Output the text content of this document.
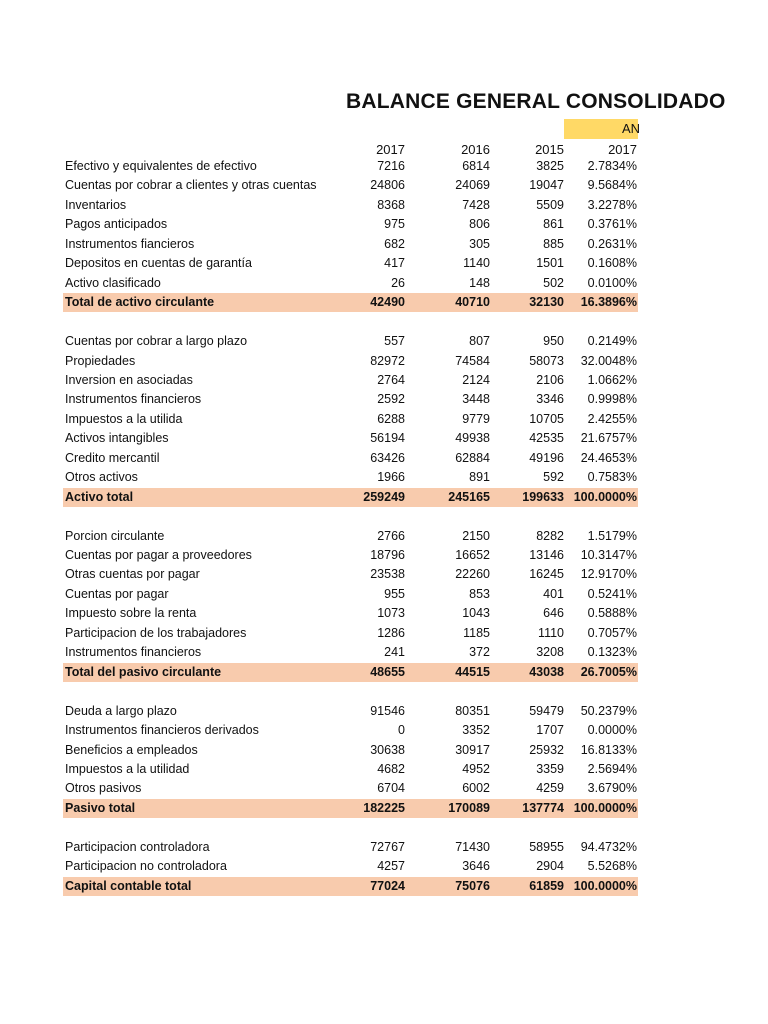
BALANCE GENERAL CONSOLIDADO
AN
2017	2016	2015	2017
Efectivo y equivalentes de efectivo	7216	6814	3825 2.7834%
Cuentas por cobrar a clientes y otras cuentas	24806	24069	19047 9.5684%
Inventarios	8368	7428	5509 3.2278%
Pagos anticipados	975	806	861 0.3761%
Instrumentos fiancieros	682	305	885 0.2631%
Depositos en cuentas de garantía	417	1140	1501 0.1608%
Activo clasificado	26	148	502 0.0100%
Total de activo circulante	42490	40710	32130 16.3896%
Cuentas por cobrar a largo plazo	557	807	950 0.2149%
Propiedades	82972	74584	58073 32.0048%
Inversion en asociadas	2764	2124	2106 1.0662%
Instrumentos financieros	2592	3448	3346 0.9998%
Impuestos a la utilida	6288	9779	10705 2.4255%
Activos intangibles	56194	49938	42535 21.6757%
Credito mercantil	63426	62884	49196 24.4653%
Otros activos	1966	891	592 0.7583%
Activo total	259249	245165	199633 100.0000%
Porcion circulante	2766	2150	8282 1.5179%
Cuentas por pagar a proveedores	18796	16652	13146 10.3147%
Otras cuentas por pagar	23538	22260	16245 12.9170%
Cuentas por pagar	955	853	401 0.5241%
Impuesto sobre la renta	1073	1043	646 0.5888%
Participacion de los trabajadores	1286	1185	1110 0.7057%
Instrumentos financieros	241	372	3208 0.1323%
Total del pasivo circulante	48655	44515	43038 26.7005%
Deuda a largo plazo	91546	80351	59479 50.2379%
Instrumentos financieros derivados	0	3352	1707 0.0000%
Beneficios a empleados	30638	30917	25932 16.8133%
Impuestos a la utilidad	4682	4952	3359 2.5694%
Otros pasivos	6704	6002	4259 3.6790%
Pasivo total	182225	170089	137774 100.0000%
Participacion controladora	72767	71430	58955 94.4732%
Participacion no controladora	4257	3646	2904 5.5268%
Capital contable total	77024	75076	61859 100.0000%
